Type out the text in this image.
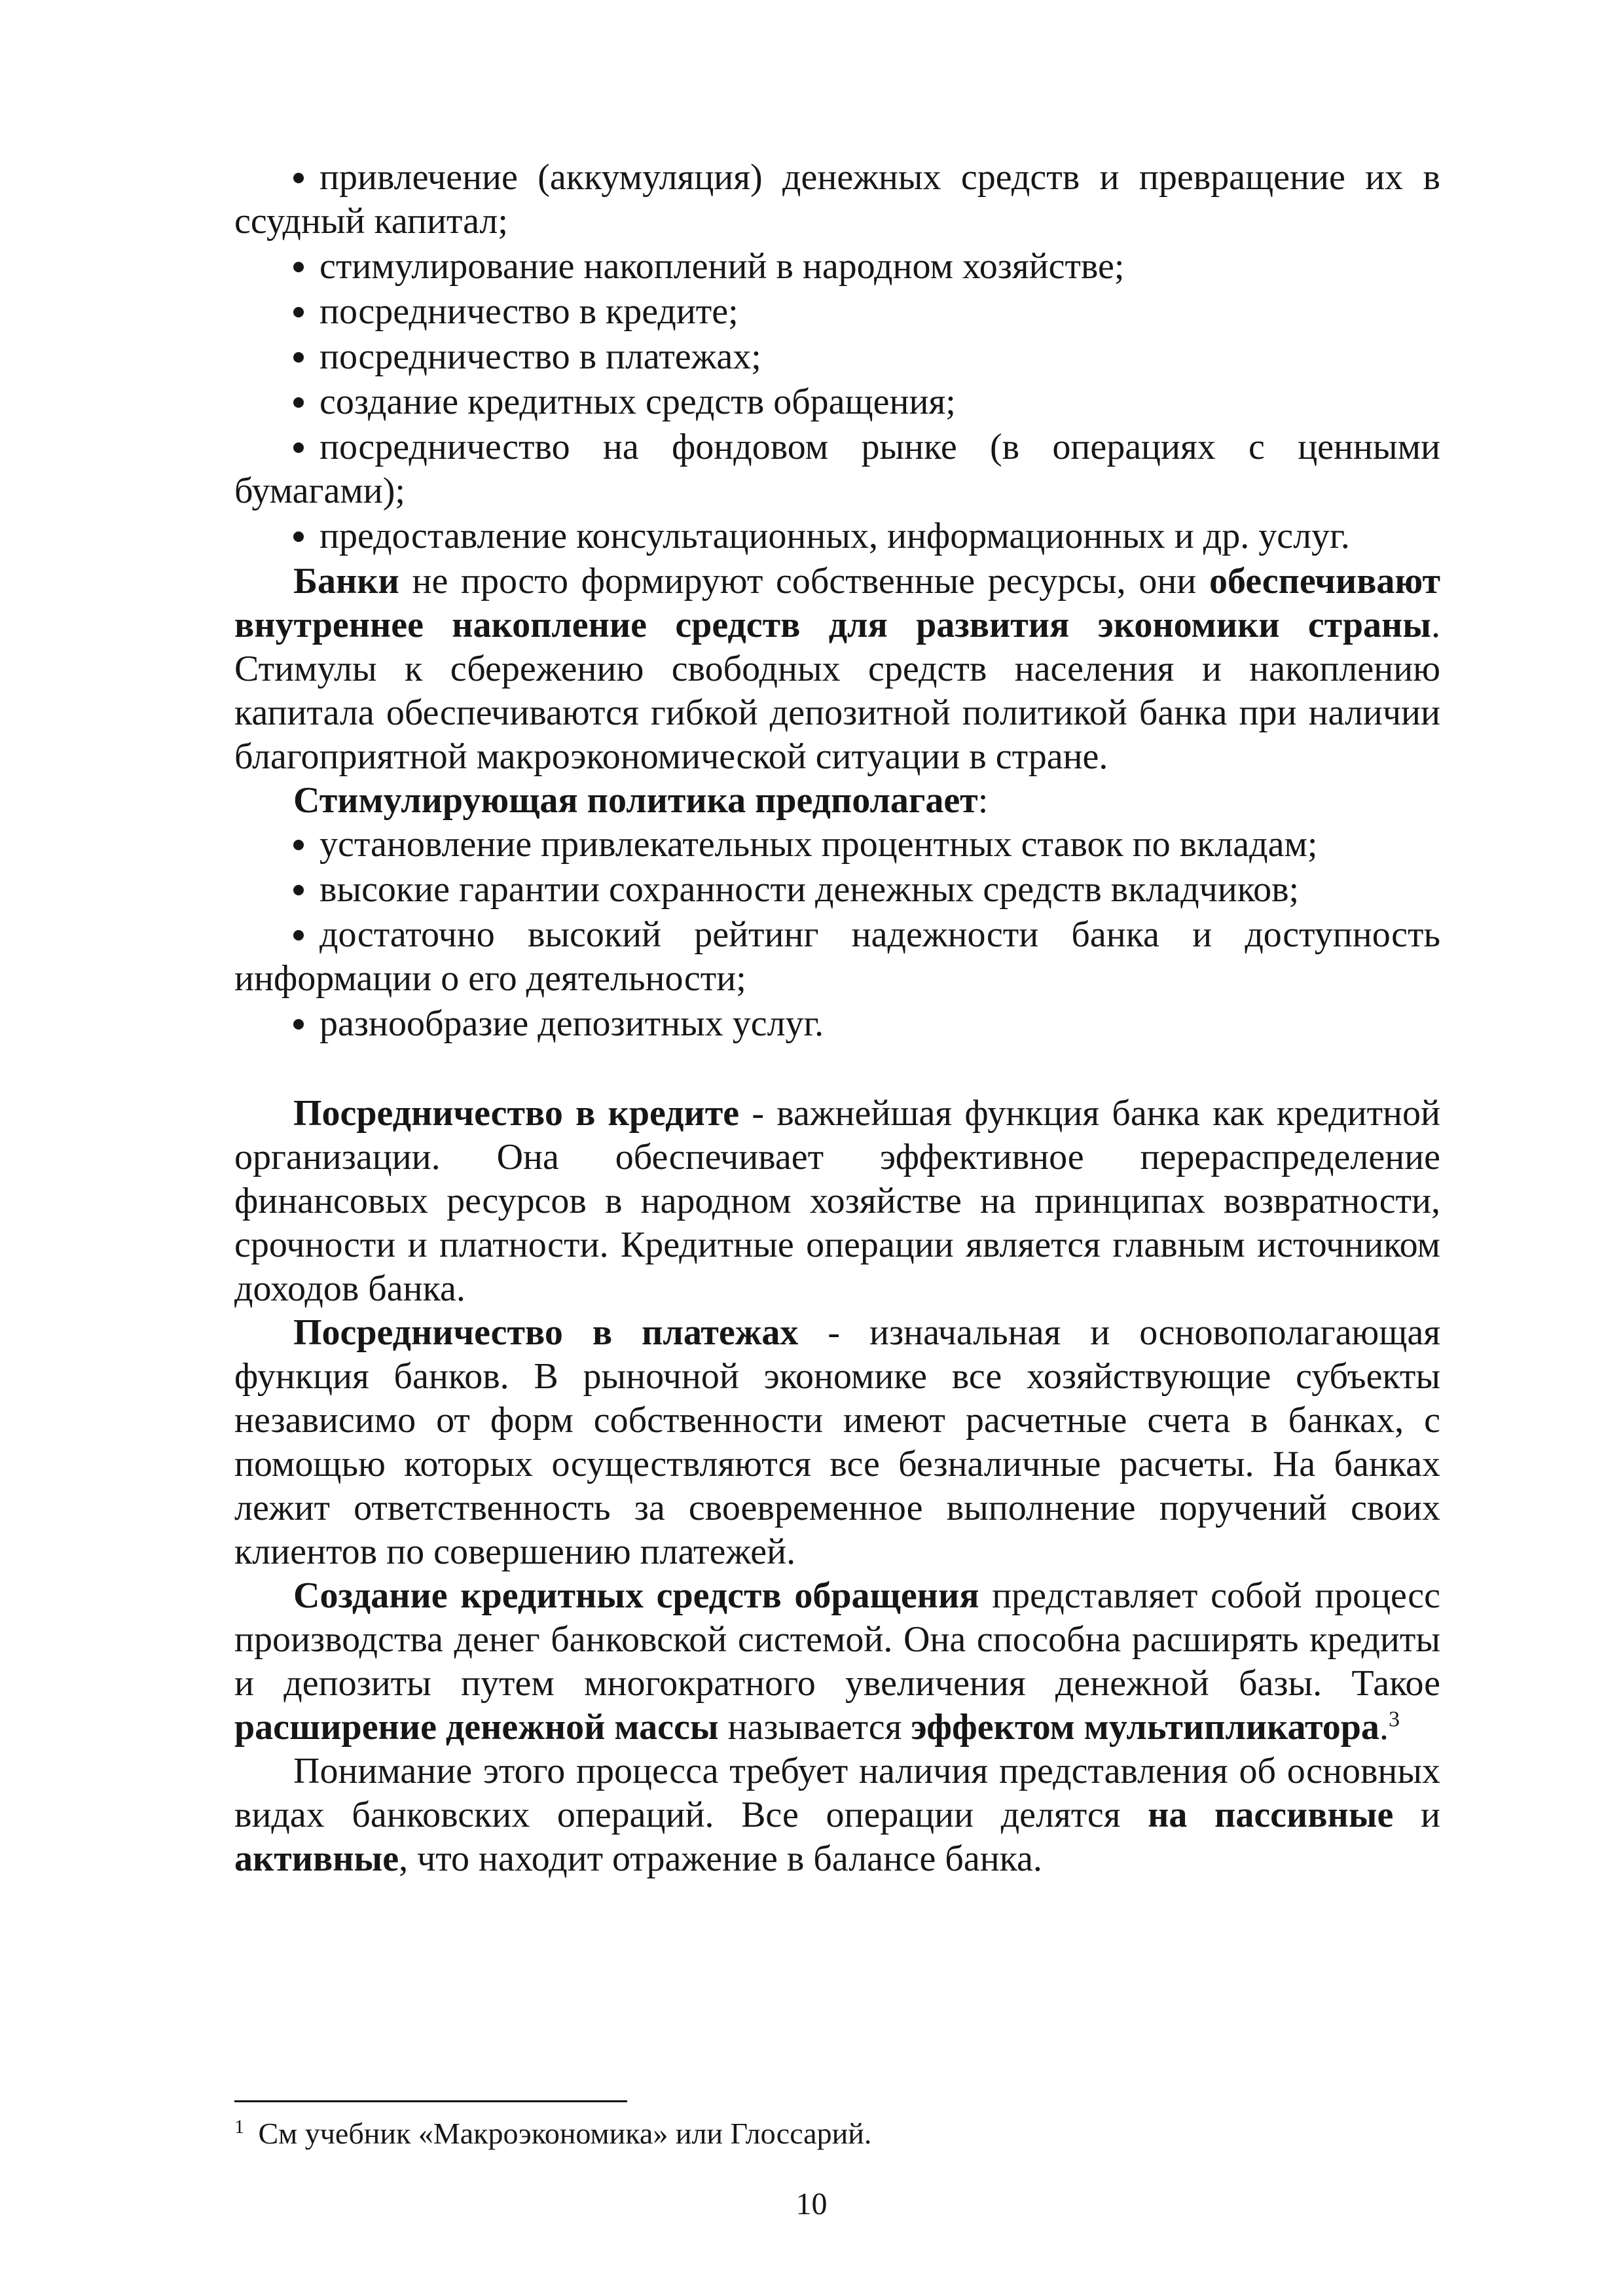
привлечение (аккумуляция) денежных средств и превращение их в ссудный капитал;
стимулирование накоплений в народном хозяйстве;
посредничество в кредите;
посредничество в платежах;
создание кредитных средств обращения;
посредничество на фондовом рынке (в операциях с ценными бумагами);
предоставление консультационных, информационных и др. услуг.

Банки не просто формируют собственные ресурсы, они обеспечивают внутреннее накопление средств для развития экономики страны. Стимулы к сбережению свободных средств населения и накоплению капитала обеспечиваются гибкой депозитной политикой банка при наличии благоприятной макроэкономической ситуации в стране.

Стимулирующая политика предполагает:

установление привлекательных процентных ставок по вкладам;
высокие гарантии сохранности денежных средств вкладчиков;
достаточно высокий рейтинг надежности банка и доступность информации о его деятельности;
разнообразие депозитных услуг.

Посредничество в кредите - важнейшая функция банка как кредитной организации. Она обеспечивает эффективное перераспределение финансовых ресурсов в народном хозяйстве на принципах возвратности, срочности и платности. Кредитные операции является главным источником доходов банка.

Посредничество в платежах - изначальная и основополагающая функция банков. В рыночной экономике все хозяйствующие субъекты независимо от форм собственности имеют расчетные счета в банках, с помощью которых осуществляются все безналичные расчеты. На банках лежит ответственность за своевременное выполнение поручений своих клиентов по совершению платежей.

Создание кредитных средств обращения представляет собой процесс производства денег банковской системой. Она способна расширять кредиты и депозиты путем многократного увеличения денежной базы. Такое расширение денежной массы называется эффектом мультипликатора.$^3$

Понимание этого процесса требует наличия представления об основных видах банковских операций. Все операции делятся на пассивные и активные, что находит отражение в балансе банка.

$^1$ См учебник «Макроэкономика» или Глоссарий.
10
